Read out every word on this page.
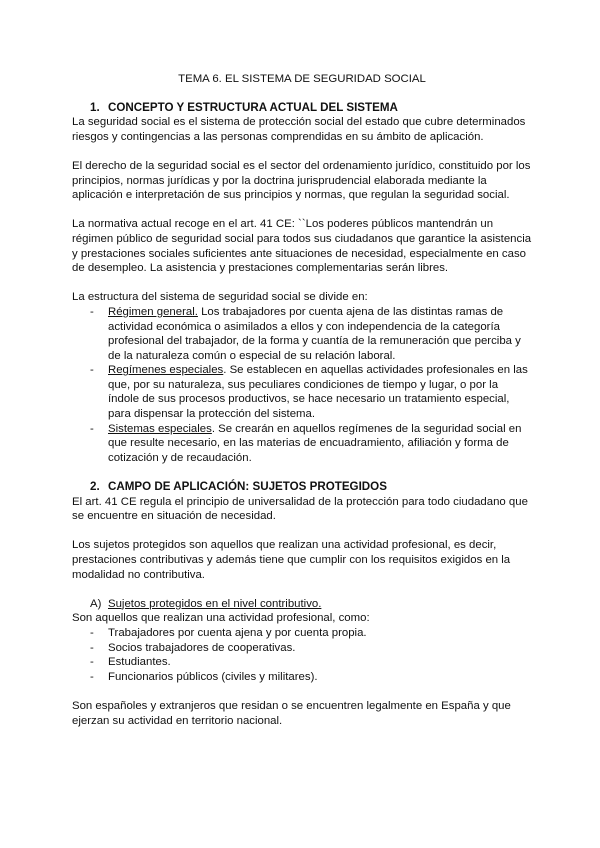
TEMA 6. EL SISTEMA DE SEGURIDAD SOCIAL

1. CONCEPTO Y ESTRUCTURA ACTUAL DEL SISTEMA

La seguridad social es el sistema de protección social del estado que cubre determinados riesgos y contingencias a las personas comprendidas en su ámbito de aplicación.

El derecho de la seguridad social es el sector del ordenamiento jurídico, constituido por los principios, normas jurídicas y por la doctrina jurisprudencial elaborada mediante la aplicación e interpretación de sus principios y normas, que regulan la seguridad social.

La normativa actual recoge en el art. 41 CE: ``Los poderes públicos mantendrán un régimen público de seguridad social para todos sus ciudadanos que garantice la asistencia y prestaciones sociales suficientes ante situaciones de necesidad, especialmente en caso de desempleo. La asistencia y prestaciones complementarias serán libres.

La estructura del sistema de seguridad social se divide en:

- Régimen general. Los trabajadores por cuenta ajena de las distintas ramas de actividad económica o asimilados a ellos y con independencia de la categoría profesional del trabajador, de la forma y cuantía de la remuneración que perciba y de la naturaleza común o especial de su relación laboral.
- Regímenes especiales. Se establecen en aquellas actividades profesionales en las que, por su naturaleza, sus peculiares condiciones de tiempo y lugar, o por la índole de sus procesos productivos, se hace necesario un tratamiento especial, para dispensar la protección del sistema.
- Sistemas especiales. Se crearán en aquellos regímenes de la seguridad social en que resulte necesario, en las materias de encuadramiento, afiliación y forma de cotización y de recaudación.

2. CAMPO DE APLICACIÓN: SUJETOS PROTEGIDOS

El art. 41 CE regula el principio de universalidad de la protección para todo ciudadano que se encuentre en situación de necesidad.

Los sujetos protegidos son aquellos que realizan una actividad profesional, es decir, prestaciones contributivas y además tiene que cumplir con los requisitos exigidos en la modalidad no contributiva.

A) Sujetos protegidos en el nivel contributivo.

Son aquellos que realizan una actividad profesional, como:

- Trabajadores por cuenta ajena y por cuenta propia.
- Socios trabajadores de cooperativas.
- Estudiantes.
- Funcionarios públicos (civiles y militares).

Son españoles y extranjeros que residan o se encuentren legalmente en España y que ejerzan su actividad en territorio nacional.
